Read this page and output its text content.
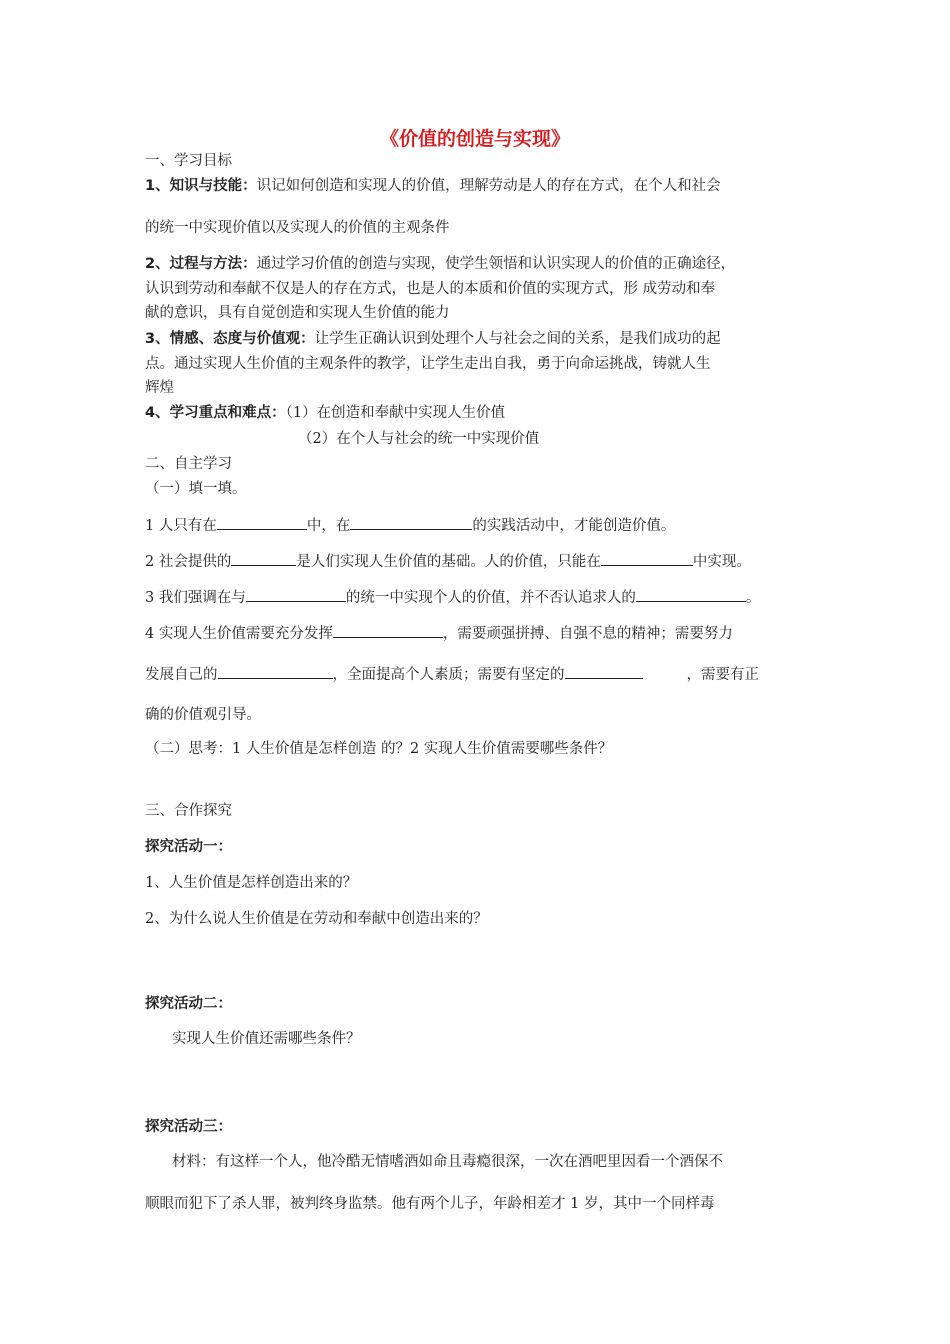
《价值的创造与实现》
一、学习目标
1、知识与技能：识记如何创造和实现人的价值，理解劳动是人的存在方式，在个人和社会
的统一中实现价值以及实现人的价值的主观条件
2、过程与方法：通过学习价值的创造与实现，使学生领悟和认识实现人的价值的正确途径，
认识到劳动和奉献不仅是人的存在方式，也是人的本质和价值的实现方式，形 成劳动和奉
献的意识，具有自觉创造和实现人生价值的能力
3、情感、态度与价值观：让学生正确认识到处理个人与社会之间的关系，是我们成功的起
点。通过实现人生价值的主观条件的教学，让学生走出自我，勇于向命运挑战，铸就人生
辉煌
4、学习重点和难点：（1）在创造和奉献中实现人生价值
（2）在个人与社会的统一中实现价值
二、自主学习
（一）填一填。
1 人只有在	中，在	的实践活动中，才能创造价值。
2 社会提供的	是人们实现人生价值的基础。人的价值，只能在	中实现。
3 我们强调在与	的统一中实现个人的价值，并不否认追求人的	。
4 实现人生价值需要充分发挥	，需要顽强拼搏、自强不息的精神；需要努力
发展自己的	，全面提高个人素质；需要有坚定的	，需要有正
确的价值观引导。
（二）思考：1 人生价值是怎样创造 的？2 实现人生价值需要哪些条件？
三、合作探究
探究活动一：
1、人生价值是怎样创造出来的？
2、为什么说人生价值是在劳动和奉献中创造出来的？
探究活动二：
实现人生价值还需哪些条件？
探究活动三：
材料：有这样一个人，他冷酷无情嗜酒如命且毒瘾很深，一次在酒吧里因看一个酒保不
顺眼而犯下了杀人罪，被判终身监禁。他有两个儿子，年龄相差才 1 岁，其中一个同样毒
